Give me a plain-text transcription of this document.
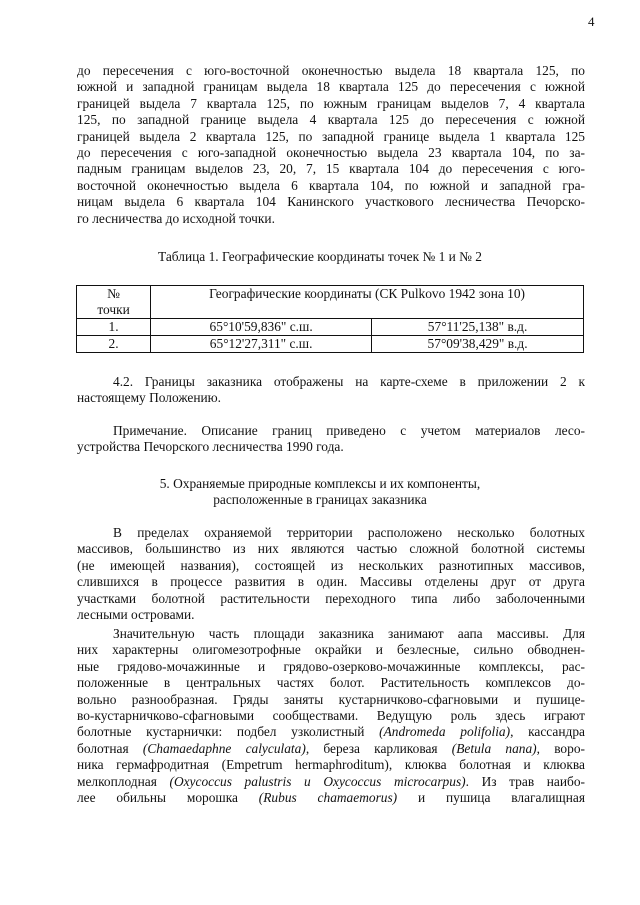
4

до пересечения с юго-восточной оконечностью выдела 18 квартала 125, по
южной и западной границам выдела 18 квартала 125 до пересечения с южной
границей выдела 7 квартала 125, по южным границам выделов 7, 4 квартала
125, по западной границе выдела 4 квартала 125 до пересечения с южной
границей выдела 2 квартала 125, по западной границе выдела 1 квартала 125
до пересечения с юго-западной оконечностью выдела 23 квартала 104, по за-
падным границам выделов 23, 20, 7, 15 квартала 104 до пересечения с юго-
восточной оконечностью выдела 6 квартала 104, по южной и западной гра-
ницам выдела 6 квартала 104 Канинского участкового лесничества Печорско-
го лесничества до исходной точки.

Таблица 1. Географические координаты точек № 1 и № 2
№
точки	Географические координаты (СК Pulkovo 1942 зона 10)	
1.	65°10'59,836" с.ш.	57°11'25,138" в.д.
2.	65°12'27,311" с.ш.	57°09'38,429" в.д.

4.2. Границы заказника отображены на карте-схеме в приложении 2 к
настоящему Положению.

Примечание. Описание границ приведено с учетом материалов лесо-
устройства Печорского лесничества 1990 года.

5. Охраняемые природные комплексы и их компоненты,
расположенные в границах заказника

В пределах охраняемой территории расположено несколько болотных
массивов, большинство из них являются частью сложной болотной системы
(не имеющей названия), состоящей из нескольких разнотипных массивов,
слившихся в процессе развития в один. Массивы отделены друг от друга
участками болотной растительности переходного типа либо заболоченными
лесными островами.

Значительную часть площади заказника занимают аапа массивы. Для
них характерны олигомезотрофные окрайки и безлесные, сильно обводнен-
ные грядово-мочажинные и грядово-озерково-мочажинные комплексы, рас-
положенные в центральных частях болот. Растительность комплексов до-
вольно разнообразная. Гряды заняты кустарничково-сфагновыми и пушице-
во-кустарничково-сфагновыми сообществами. Ведущую роль здесь играют
болотные кустарнички: подбел узколистный (Andromeda polifolia), кассандра
болотная (Chamaedaphne calyculata), береза карликовая (Betula nana), воро-
ника гермафродитная (Empetrum hermaphroditum), клюква болотная и клюква
мелкоплодная (Oxycoccus palustris и Oxycoccus microcarpus). Из трав наибо-
лее обильны морошка (Rubus chamaemorus) и пушица влагалищная
